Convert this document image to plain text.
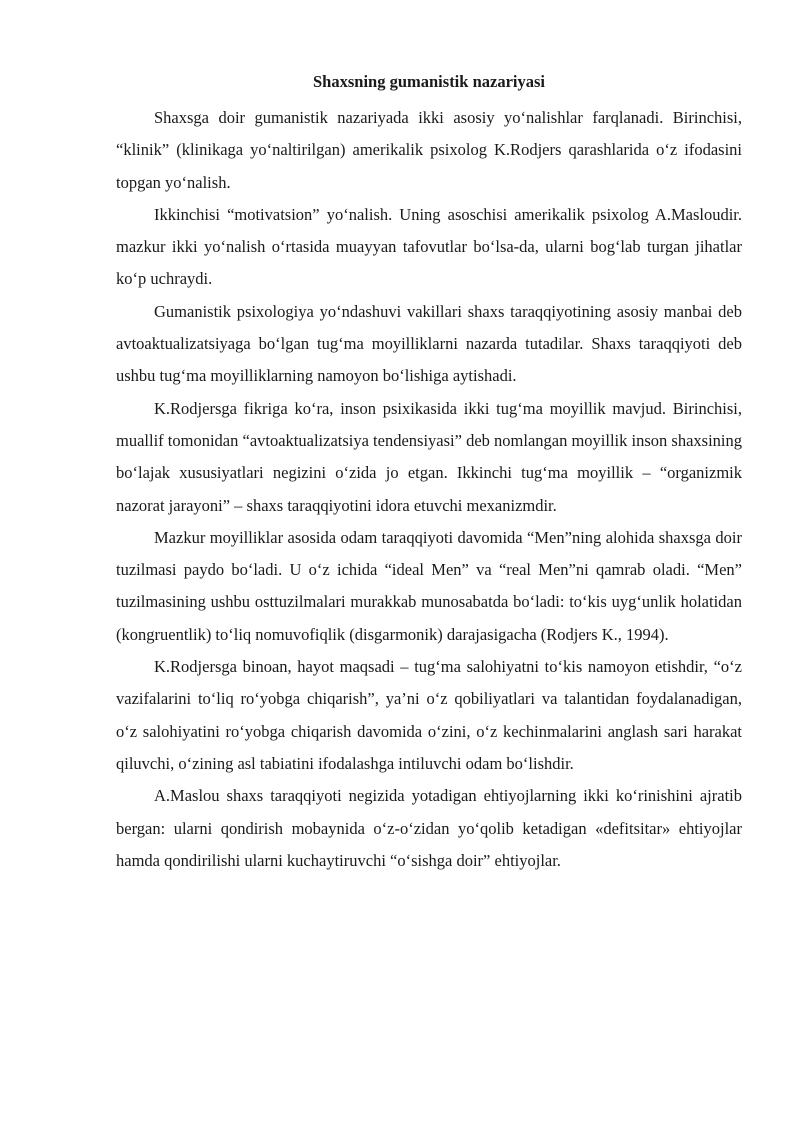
Shaxsning gumanistik nazariyasi

Shaxsga doir gumanistik nazariyada ikki asosiy yo‘nalishlar farqlanadi. Birinchisi, “klinik” (klinikaga yo‘naltirilgan) amerikalik psixolog K.Rodjers qarashlarida o‘z ifodasini topgan yo‘nalish.

Ikkinchisi “motivatsion” yo‘nalish. Uning asoschisi amerikalik psixolog A.Masloudir. mazkur ikki yo‘nalish o‘rtasida muayyan tafovutlar bo‘lsa-da, ularni bog‘lab turgan jihatlar ko‘p uchraydi.

Gumanistik psixologiya yo‘ndashuvi vakillari shaxs taraqqiyotining asosiy manbai deb avtoaktualizatsiyaga bo‘lgan tug‘ma moyilliklarni nazarda tutadilar. Shaxs taraqqiyoti deb ushbu tug‘ma moyilliklarning namoyon bo‘lishiga aytishadi.

K.Rodjersga fikriga ko‘ra, inson psixikasida ikki tug‘ma moyillik mavjud. Birinchisi, muallif tomonidan “avtoaktualizatsiya tendensiyasi” deb nomlangan moyillik inson shaxsining bo‘lajak xususiyatlari negizini o‘zida jo etgan. Ikkinchi tug‘ma moyillik – “organizmik nazorat jarayoni” – shaxs taraqqiyotini idora etuvchi mexanizmdir.

Mazkur moyilliklar asosida odam taraqqiyoti davomida “Men”ning alohida shaxsga doir tuzilmasi paydo bo‘ladi. U o‘z ichida “ideal Men” va “real Men”ni qamrab oladi. “Men” tuzilmasining ushbu osttuzilmalari murakkab munosabatda bo‘ladi: to‘kis uyg‘unlik holatidan (kongruentlik) to‘liq nomuvofiqlik (disgarmonik) darajasigacha (Rodjers K., 1994).

K.Rodjersga binoan, hayot maqsadi – tug‘ma salohiyatni to‘kis namoyon etishdir, “o‘z vazifalarini to‘liq ro‘yobga chiqarish”, ya’ni o‘z qobiliyatlari va talantidan foydalanadigan, o‘z salohiyatini ro‘yobga chiqarish davomida o‘zini, o‘z kechinmalarini anglash sari harakat qiluvchi, o‘zining asl tabiatini ifodalashga intiluvchi odam bo‘lishdir.

A.Maslou shaxs taraqqiyoti negizida yotadigan ehtiyojlarning ikki ko‘rinishini ajratib bergan: ularni qondirish mobaynida o‘z-o‘zidan yo‘qolib ketadigan «defitsitar» ehtiyojlar hamda qondirilishi ularni kuchaytiruvchi “o‘sishga doir” ehtiyojlar.
